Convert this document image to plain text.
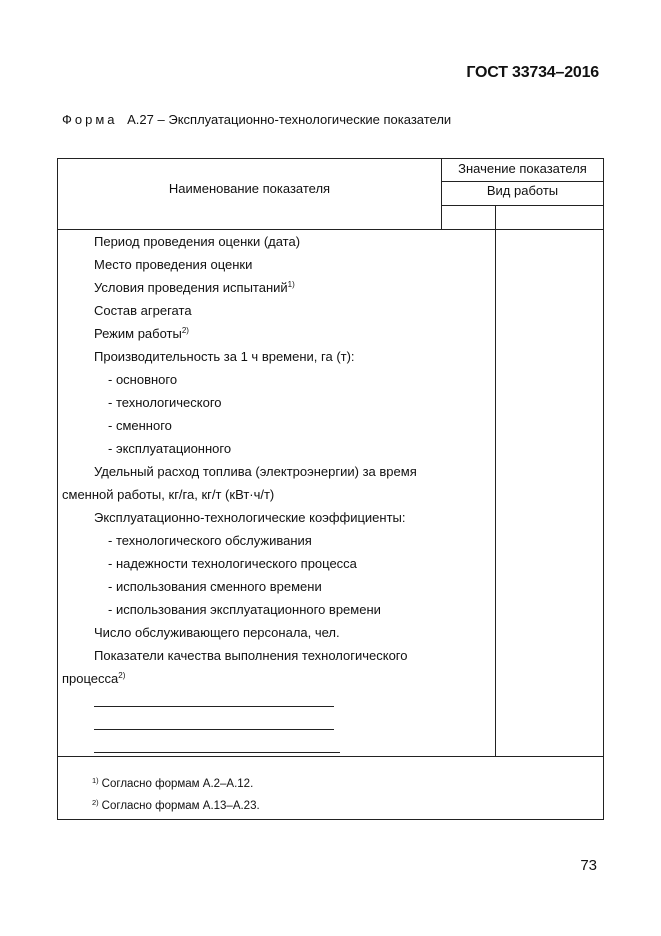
ГОСТ 33734–2016
Форма А.27 – Эксплуатационно-технологические показатели
Наименование показателя
Значение показателя
Вид работы
Период проведения оценки (дата)
Место проведения оценки
Условия проведения испытаний$^{1)}$
Состав агрегата
Режим работы$^{2)}$
Производительность за 1 ч времени, га (т):
- основного
- технологического
- сменного
- эксплуатационного
Удельный расход топлива (электроэнергии) за время
сменной работы, кг/га, кг/т (кВт·ч/т)
Эксплуатационно-технологические коэффициенты:
- технологического обслуживания
- надежности технологического процесса
- использования сменного времени
- использования эксплуатационного времени
Число обслуживающего персонала, чел.
Показатели качества выполнения технологического
процесса$^{2)}$
$^{1)}$ Согласно формам А.2–А.12.
$^{2)}$ Согласно формам А.13–А.23.
73
